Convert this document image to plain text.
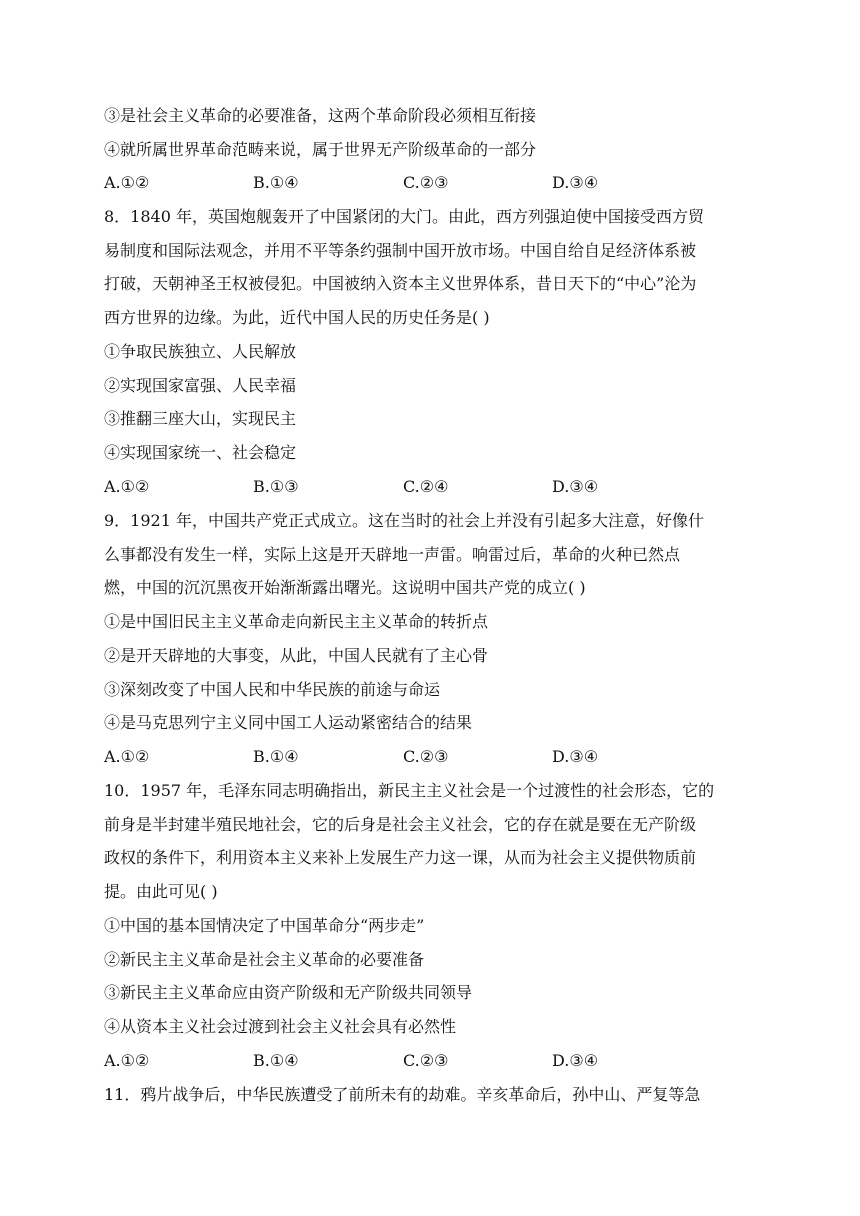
③是社会主义革命的必要准备，这两个革命阶段必须相互衔接
④就所属世界革命范畴来说，属于世界无产阶级革命的一部分
A.①②	B.①④	C.②③	D.③④
8．1840 年，英国炮舰轰开了中国紧闭的大门。由此，西方列强迫使中国接受西方贸
易制度和国际法观念，并用不平等条约强制中国开放市场。中国自给自足经济体系被
打破，天朝神圣王权被侵犯。中国被纳入资本主义世界体系，昔日天下的“中心”沦为
西方世界的边缘。为此，近代中国人民的历史任务是( )
①争取民族独立、人民解放
②实现国家富强、人民幸福
③推翻三座大山，实现民主
④实现国家统一、社会稳定
A.①②	B.①③	C.②④	D.③④
9．1921 年，中国共产党正式成立。这在当时的社会上并没有引起多大注意，好像什
么事都没有发生一样，实际上这是开天辟地一声雷。响雷过后，革命的火种已然点
燃，中国的沉沉黑夜开始渐渐露出曙光。这说明中国共产党的成立( )
①是中国旧民主主义革命走向新民主主义革命的转折点
②是开天辟地的大事变，从此，中国人民就有了主心骨
③深刻改变了中国人民和中华民族的前途与命运
④是马克思列宁主义同中国工人运动紧密结合的结果
A.①②	B.①④	C.②③	D.③④
10．1957 年，毛泽东同志明确指出，新民主主义社会是一个过渡性的社会形态，它的
前身是半封建半殖民地社会，它的后身是社会主义社会，它的存在就是要在无产阶级
政权的条件下，利用资本主义来补上发展生产力这一课，从而为社会主义提供物质前
提。由此可见( )
①中国的基本国情决定了中国革命分“两步走”
②新民主主义革命是社会主义革命的必要准备
③新民主主义革命应由资产阶级和无产阶级共同领导
④从资本主义社会过渡到社会主义社会具有必然性
A.①②	B.①④	C.②③	D.③④
11．鸦片战争后，中华民族遭受了前所未有的劫难。辛亥革命后，孙中山、严复等急
